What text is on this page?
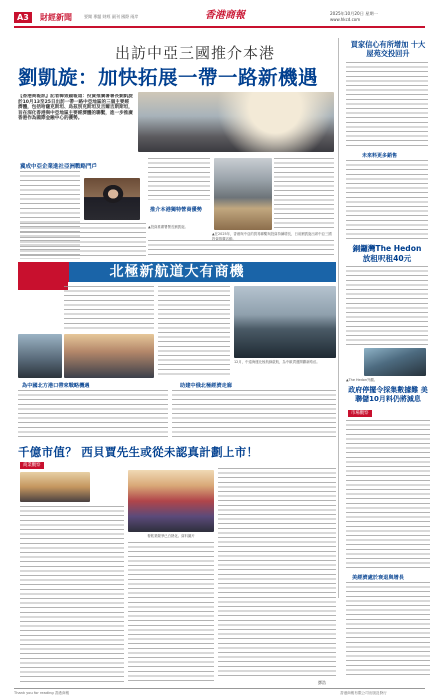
A3	財經新聞	要聞 專題 財經 副刊 國際 兩岸	香港商報	2025年10月20日 星期一
www.hkcd.com
出訪中亞三國推介本港
劉凱旋：加快拓展一帶一路新機遇
【香港商報訊】記者韓致穎報道：投資推廣署署長劉凱旋於10月13至25日出訪一帶一路中亞地區的三個主要經濟體，包括哈薩克斯坦、烏茲別克斯坦及吉爾吉斯斯坦，旨在深化香港與中亞地區主要經濟體的聯繫，進一步推廣香港作為國際金融中心的優勢。
冀成中亞企業進社亞洲戰略門戶
▲投資推廣署署長劉凱旋。
▲在2025年，香港與中亞的貿易聯繫與投資持續增長，日前劉凱旋出席中亞三國投資推廣活動。
推介本港獨特營商優勢
買家信心有所增加 十大屋苑交投回升
未來料更多銷售
銅鑼灣The Hedon 放租呎租40元
▲The Hedon外觀。
北極新航道大有商機
12月，中遠海運北極航線啟航，為中歐貨運開闢新路徑。
為中國北方港口帶來戰略機遇	助建中俄北極經濟走廊	政府停擺令採集數據難 美聯儲10月料仍將減息
市場觀察
美經濟處於衰退與增長
千億市值？ 西貝賈先生或從未認真計劃上市！
商業觀察
餐飲業競爭已白熱化。資料圖片
鄧浩
Thank you for reading 香港商報	香港商報有限公司出版及發行
